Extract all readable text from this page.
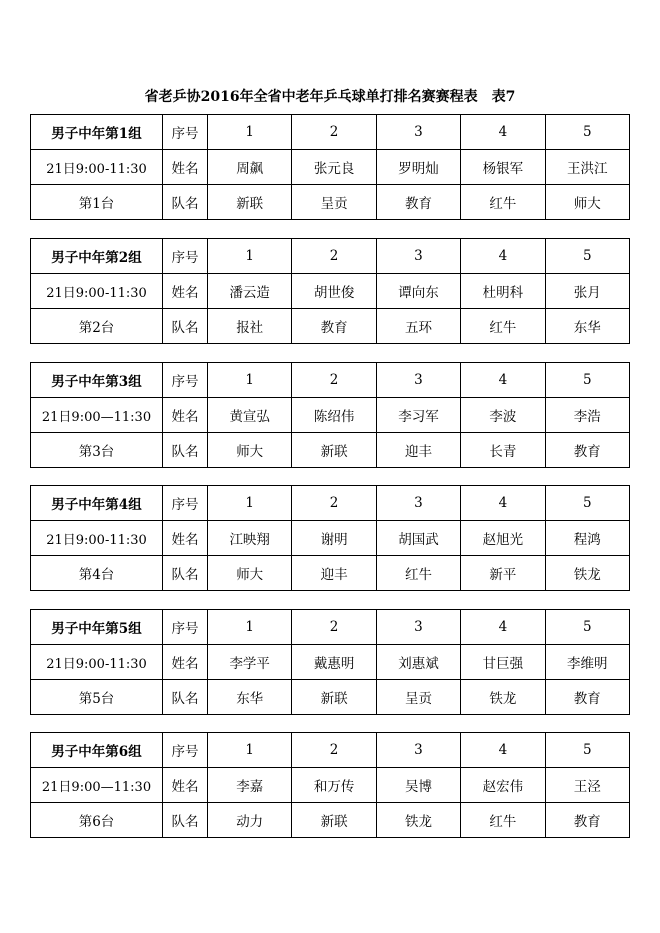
省老乒协2016年全省中老年乒乓球单打排名赛赛程表　表7
男子中年第1组	序号	1	2	3	4	5
21日9:00-11:30	姓名	周飙	张元良	罗明灿	杨银军	王洪江
第1台	队名	新联	呈贡	教育	红牛	师大
男子中年第2组	序号	1	2	3	4	5
21日9:00-11:30	姓名	潘云造	胡世俊	谭向东	杜明科	张月
第2台	队名	报社	教育	五环	红牛	东华
男子中年第3组	序号	1	2	3	4	5
21日9:00—11:30	姓名	黄宣弘	陈绍伟	李习军	李波	李浩
第3台	队名	师大	新联	迎丰	长青	教育
男子中年第4组	序号	1	2	3	4	5
21日9:00-11:30	姓名	江映翔	谢明	胡国武	赵旭光	程鸿
第4台	队名	师大	迎丰	红牛	新平	铁龙
男子中年第5组	序号	1	2	3	4	5
21日9:00-11:30	姓名	李学平	戴惠明	刘惠斌	甘巨强	李维明
第5台	队名	东华	新联	呈贡	铁龙	教育
男子中年第6组	序号	1	2	3	4	5
21日9:00—11:30	姓名	李嘉	和万传	吴博	赵宏伟	王泾
第6台	队名	动力	新联	铁龙	红牛	教育
